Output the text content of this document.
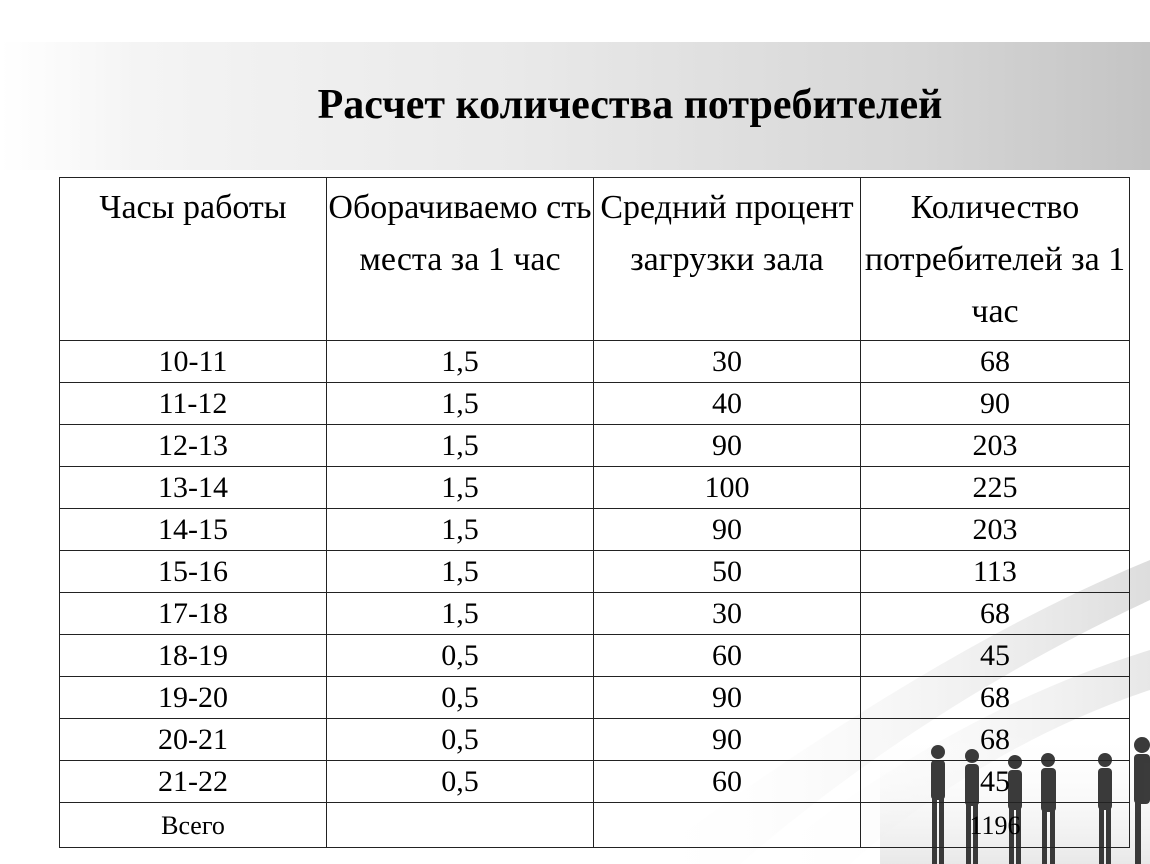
Расчет количества потребителей
Часы работы	Оборачиваемо сть места за 1 час	Средний процент загрузки зала	Количество потребителей за 1 час
10-11	1,5	30	68
11-12	1,5	40	90
12-13	1,5	90	203
13-14	1,5	100	225
14-15	1,5	90	203
15-16	1,5	50	113
17-18	1,5	30	68
18-19	0,5	60	45
19-20	0,5	90	68
20-21	0,5	90	68
21-22	0,5	60	45
Всего			1196
